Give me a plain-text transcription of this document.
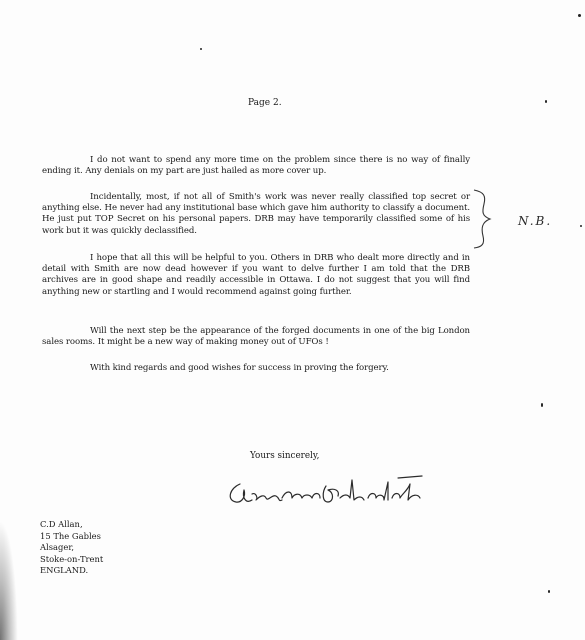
Page 2.
I do not want to spend any more time on the problem since there is no way of finally ending it. Any denials on my part are just hailed as more cover up.
Incidentally, most, if not all of Smith's work was never really classified top secret or anything else. He never had any institutional base which gave him authority to classify a document. He just put TOP Secret on his personal papers. DRB may have temporarily classified some of his work but it was quickly declassified.
I hope that all this will be helpful to you. Others in DRB who dealt more directly and in detail with Smith are now dead however if you want to delve further I am told that the DRB archives are in good shape and readily accessible in Ottawa. I do not suggest that you will find anything new or startling and I would recommend against going further.
Will the next step be the appearance of the forged documents in one of the big London sales rooms. It might be a new way of making money out of UFOs !
With kind regards and good wishes for success in proving the forgery.
N.B.
Yours sincerely,
C.D Allan,
15 The Gables
Alsager,
Stoke-on-Trent
ENGLAND.
